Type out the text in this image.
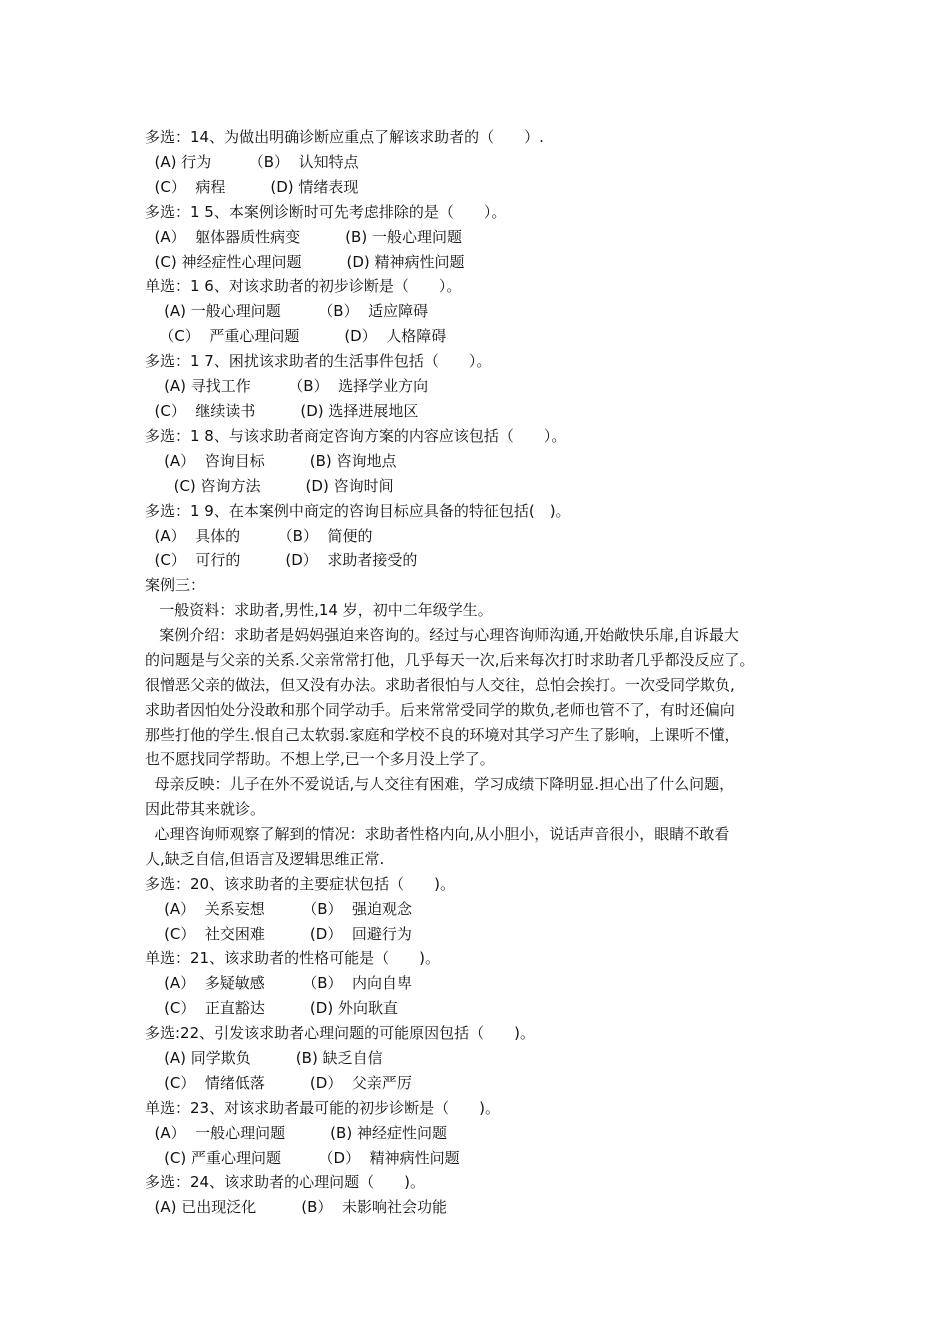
多选：14、为做出明确诊断应重点了解该求助者的（　　）.
(A) 行为　　　（B）  认知特点
(C）  病程　　　(D) 情绪表现
多选：1 5、本案例诊断时可先考虑排除的是（　　）。
(A）  躯体器质性病变　　　(B) 一般心理问题
(C) 神经症性心理问题　　　(D) 精神病性问题
单选：1 6、对该求助者的初步诊断是（　　）。
(A) 一般心理问题　　　（B）  适应障碍
（C）  严重心理问题　　　(D）  人格障碍
多选：1 7、困扰该求助者的生活事件包括（　　）。
(A) 寻找工作　　　（B）  选择学业方向
(C）  继续读书　　　(D) 选择进展地区
多选：1 8、与该求助者商定咨询方案的内容应该包括（　　）。
(A）  咨询目标　　　(B) 咨询地点
(C) 咨询方法　　　(D) 咨询时间
多选：1 9、在本案例中商定的咨询目标应具备的特征包括(　)。
(A）  具体的　　　（B）  简便的
(C）  可行的　　　(D）  求助者接受的
案例三：
一般资料：求助者,男性,14 岁，初中二年级学生。
案例介绍：求助者是妈妈强迫来咨询的。经过与心理咨询师沟通,开始敞快乐扉,自诉最大
的问题是与父亲的关系.父亲常常打他，几乎每天一次,后来每次打时求助者几乎都没反应了。
很憎恶父亲的做法，但又没有办法。求助者很怕与人交往，总怕会挨打。一次受同学欺负,
求助者因怕处分没敢和那个同学动手。后来常常受同学的欺负,老师也管不了，有时还偏向
那些打他的学生.恨自己太软弱.家庭和学校不良的环境对其学习产生了影响，上课听不懂，
也不愿找同学帮助。不想上学,已一个多月没上学了。
母亲反映：儿子在外不爱说话,与人交往有困难，学习成绩下降明显.担心出了什么问题，
因此带其来就诊。
心理咨询师观察了解到的情况：求助者性格内向,从小胆小，说话声音很小，眼睛不敢看
人,缺乏自信,但语言及逻辑思维正常.
多选：20、该求助者的主要症状包括（　　)。
(A）  关系妄想　　　（B）  强迫观念
(C）  社交困难　　　(D）  回避行为
单选：21、该求助者的性格可能是（　　)。
(A）  多疑敏感　　　（B）  内向自卑
(C）  正直豁达　　　(D) 外向耿直
多选:22、引发该求助者心理问题的可能原因包括（　　)。
(A) 同学欺负　　　(B) 缺乏自信
(C）  情绪低落　　　(D）  父亲严厉
单选：23、对该求助者最可能的初步诊断是（　　)。
(A）  一般心理问题　　　(B) 神经症性问题
(C) 严重心理问题　　　（D）  精神病性问题
多选：24、该求助者的心理问题（　　)。
(A) 已出现泛化　　　(B）  未影响社会功能
